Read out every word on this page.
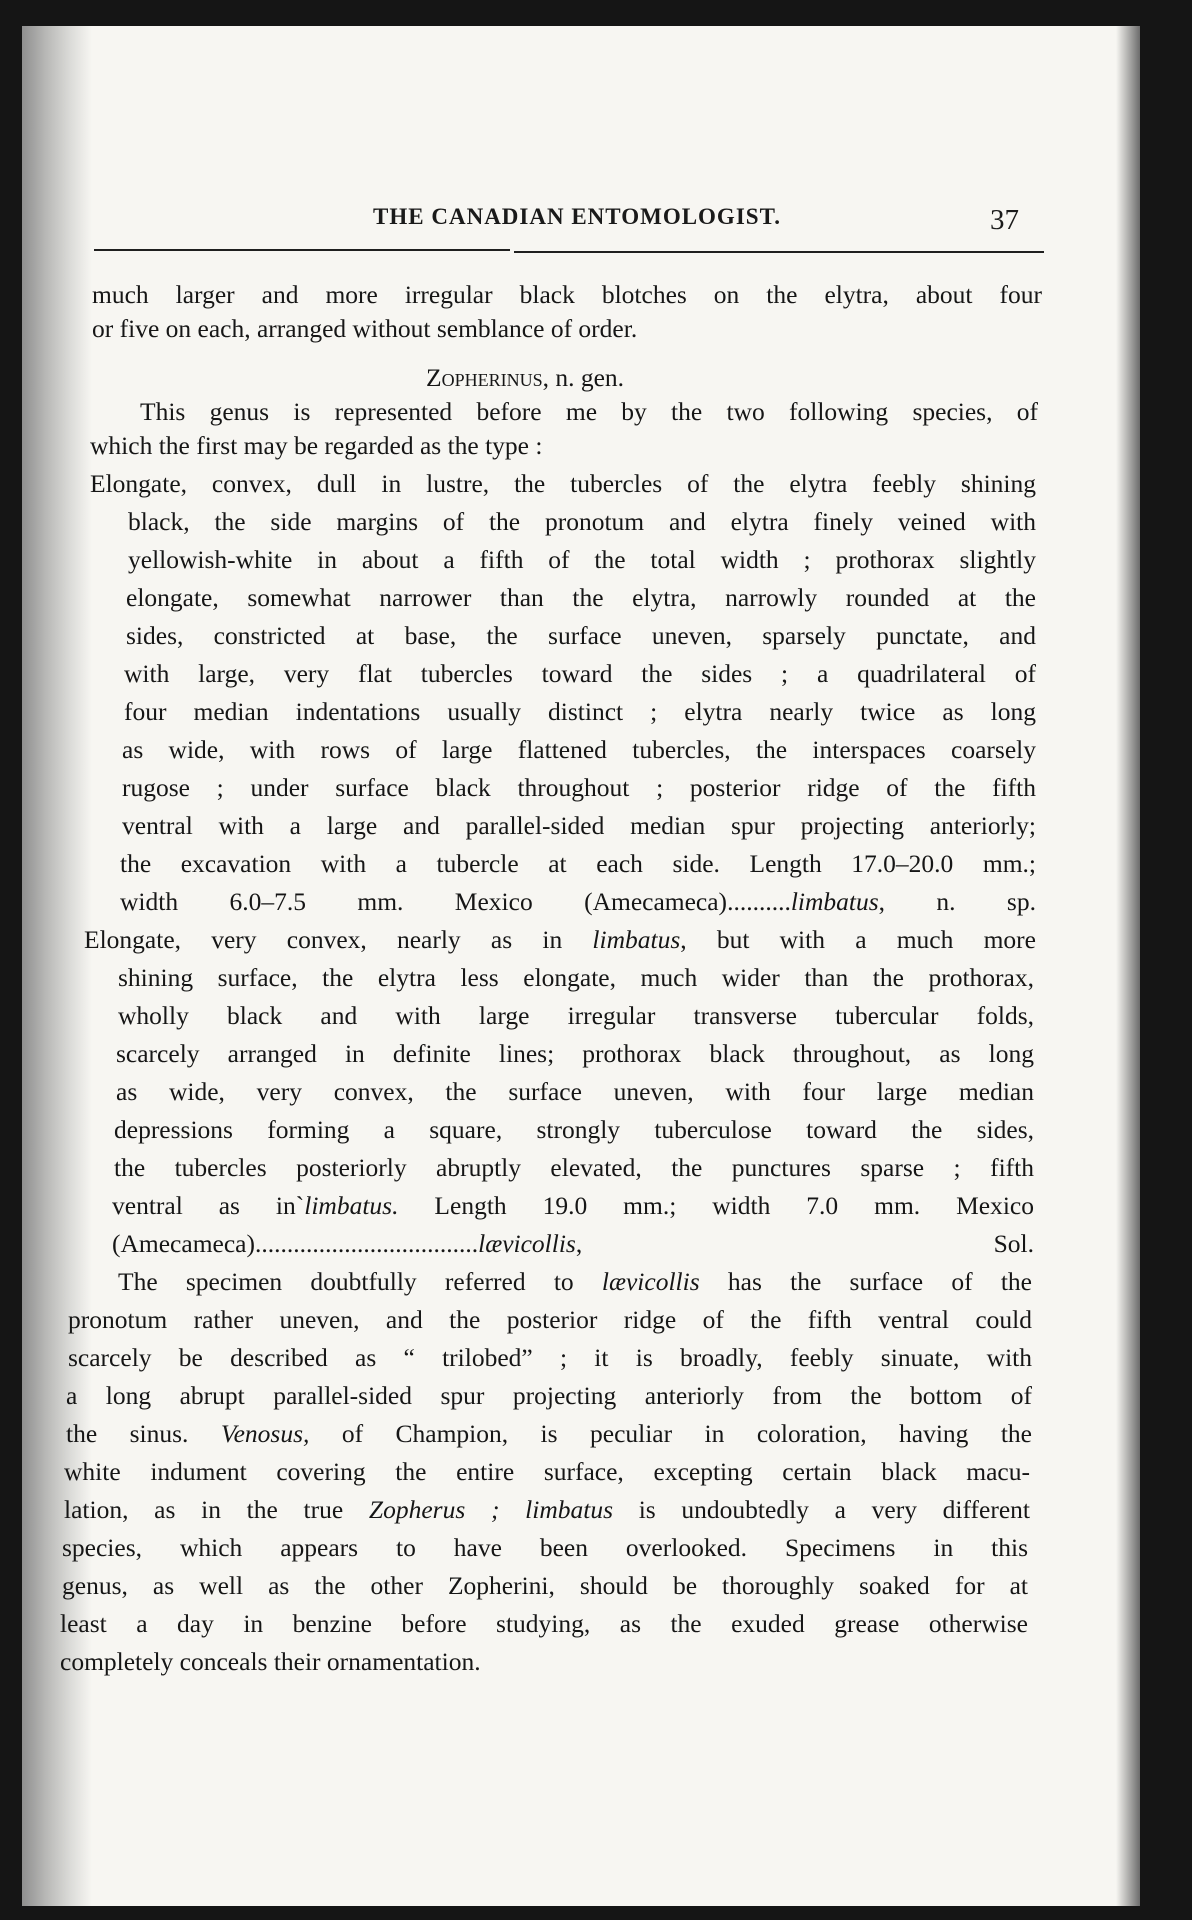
THE CANADIAN ENTOMOLOGIST.	37
much larger and more irregular black blotches on the elytra, about four
or five on each, arranged without semblance of order.
Zopherinus, n. gen.
This genus is represented before me by the two following species, of
which the first may be regarded as the type :
Elongate, convex, dull in lustre, the tubercles of the elytra feebly shining
black, the side margins of the pronotum and elytra finely veined with
yellowish-white in about a fifth of the total width ; prothorax slightly
elongate, somewhat narrower than the elytra, narrowly rounded at the
sides, constricted at base, the surface uneven, sparsely punctate, and
with large, very flat tubercles toward the sides ; a quadrilateral of
four median indentations usually distinct ; elytra nearly twice as long
as wide, with rows of large flattened tubercles, the interspaces coarsely
rugose ; under surface black throughout ; posterior ridge of the fifth
ventral with a large and parallel-sided median spur projecting anteriorly;
the excavation with a tubercle at each side. Length 17.0–20.0 mm.;
width 6.0–7.5 mm. Mexico (Amecameca)..........limbatus, n. sp.
Elongate, very convex, nearly as in limbatus, but with a much more
shining surface, the elytra less elongate, much wider than the prothorax,
wholly black and with large irregular transverse tubercular folds,
scarcely arranged in definite lines; prothorax black throughout, as long
as wide, very convex, the surface uneven, with four large median
depressions forming a square, strongly tuberculose toward the sides,
the tubercles posteriorly abruptly elevated, the punctures sparse ; fifth
ventral as in`limbatus. Length 19.0 mm.; width 7.0 mm. Mexico
(Amecameca)...................................lævicollis, Sol.
The specimen doubtfully referred to lævicollis has the surface of the
pronotum rather uneven, and the posterior ridge of the fifth ventral could
scarcely be described as “ trilobed” ; it is broadly, feebly sinuate, with
a long abrupt parallel-sided spur projecting anteriorly from the bottom of
the sinus. Venosus, of Champion, is peculiar in coloration, having the
white indument covering the entire surface, excepting certain black macu-
lation, as in the true Zopherus ; limbatus is undoubtedly a very different
species, which appears to have been overlooked. Specimens in this
genus, as well as the other Zopherini, should be thoroughly soaked for at
least a day in benzine before studying, as the exuded grease otherwise
completely conceals their ornamentation.
